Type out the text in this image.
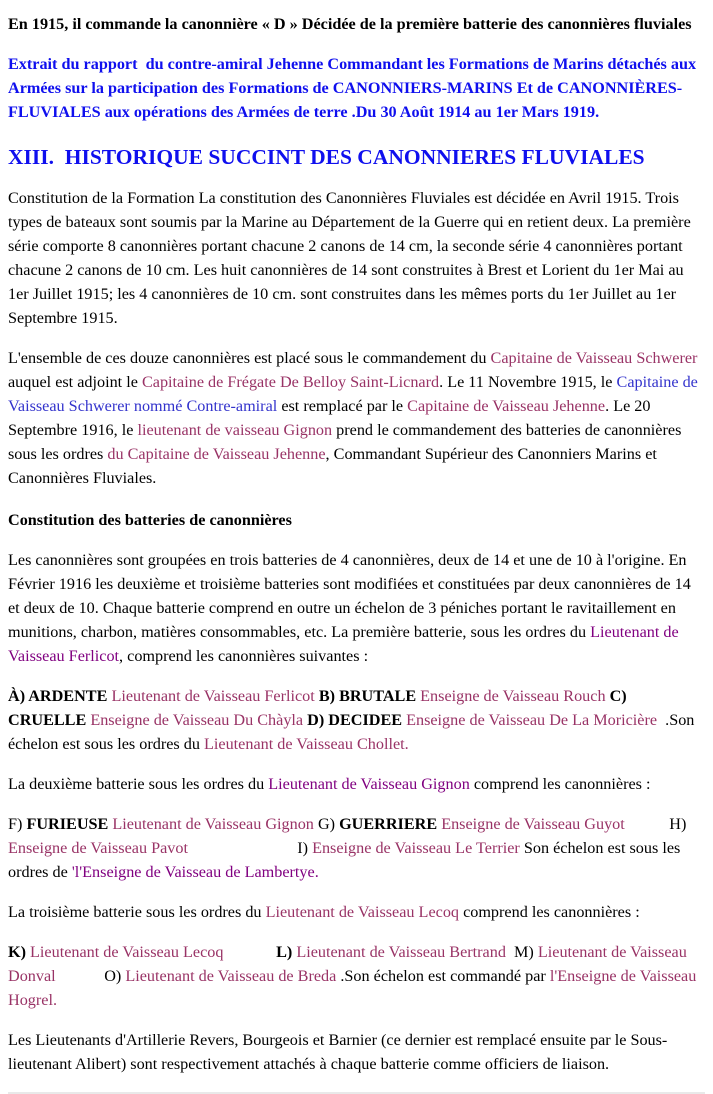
En 1915, il commande la canonnière « D » Décidée de la première batterie des canonnières fluviales

Extrait du rapport  du contre-amiral Jehenne Commandant les Formations de Marins détachés aux Armées sur la participation des Formations de CANONNIERS-MARINS Et de CANONNIÈRES-FLUVIALES aux opérations des Armées de terre .Du 30 Août 1914 au 1er Mars 1919.

XIII.  HISTORIQUE SUCCINT DES CANONNIERES FLUVIALES

Constitution de la Formation La constitution des Canonnières Fluviales est décidée en Avril 1915. Trois types de bateaux sont soumis par la Marine au Département de la Guerre qui en retient deux. La première série comporte 8 canonnières portant chacune 2 canons de 14 cm, la seconde série 4 canonnières portant chacune 2 canons de 10 cm. Les huit canonnières de 14 sont construites à Brest et Lorient du 1er Mai au 1er Juillet 1915; les 4 canonnières de 10 cm. sont construites dans les mêmes ports du 1er Juillet au 1er Septembre 1915.

L'ensemble de ces douze canonnières est placé sous le commandement du Capitaine de Vaisseau Schwerer auquel est adjoint le Capitaine de Frégate De Belloy Saint-Licnard. Le 11 Novembre 1915, le Capitaine de Vaisseau Schwerer nommé Contre-amiral est remplacé par le Capitaine de Vaisseau Jehenne. Le 20 Septembre 1916, le lieutenant de vaisseau Gignon prend le commandement des batteries de canonnières sous les ordres du Capitaine de Vaisseau Jehenne, Commandant Supérieur des Canonniers Marins et Canonnières Fluviales.

Constitution des batteries de canonnières

Les canonnières sont groupées en trois batteries de 4 canonnières, deux de 14 et une de 10 à l'origine. En Février 1916 les deuxième et troisième batteries sont modifiées et constituées par deux canonnières de 14 et deux de 10. Chaque batterie comprend en outre un échelon de 3 péniches portant le ravitaillement en munitions, charbon, matières consommables, etc. La première batterie, sous les ordres du Lieutenant de Vaisseau Ferlicot, comprend les canonnières suivantes :

À) ARDENTE Lieutenant de Vaisseau Ferlicot B) BRUTALE Enseigne de Vaisseau Rouch C) CRUELLE Enseigne de Vaisseau Du Chàyla D) DECIDEE Enseigne de Vaisseau De La Moricière  .Son échelon est sous les ordres du Lieutenant de Vaisseau Chollet.

La deuxième batterie sous les ordres du Lieutenant de Vaisseau Gignon comprend les canonnières :

F) FURIEUSE Lieutenant de Vaisseau Gignon G) GUERRIERE Enseigne de Vaisseau Guyot           H) Enseigne de Vaisseau Pavot                           I) Enseigne de Vaisseau Le Terrier Son échelon est sous les ordres de 'l'Enseigne de Vaisseau de Lambertye.

La troisième batterie sous les ordres du Lieutenant de Vaisseau Lecoq comprend les canonnières :

K) Lieutenant de Vaisseau Lecoq	L) Lieutenant de Vaisseau Bertrand  M) Lieutenant de Vaisseau Donval            O) Lieutenant de Vaisseau de Breda .Son échelon est commandé par l'Enseigne de Vaisseau Hogrel.

Les Lieutenants d'Artillerie Revers, Bourgeois et Barnier (ce dernier est remplacé ensuite par le Sous-lieutenant Alibert) sont respectivement attachés à chaque batterie comme officiers de liaison.
